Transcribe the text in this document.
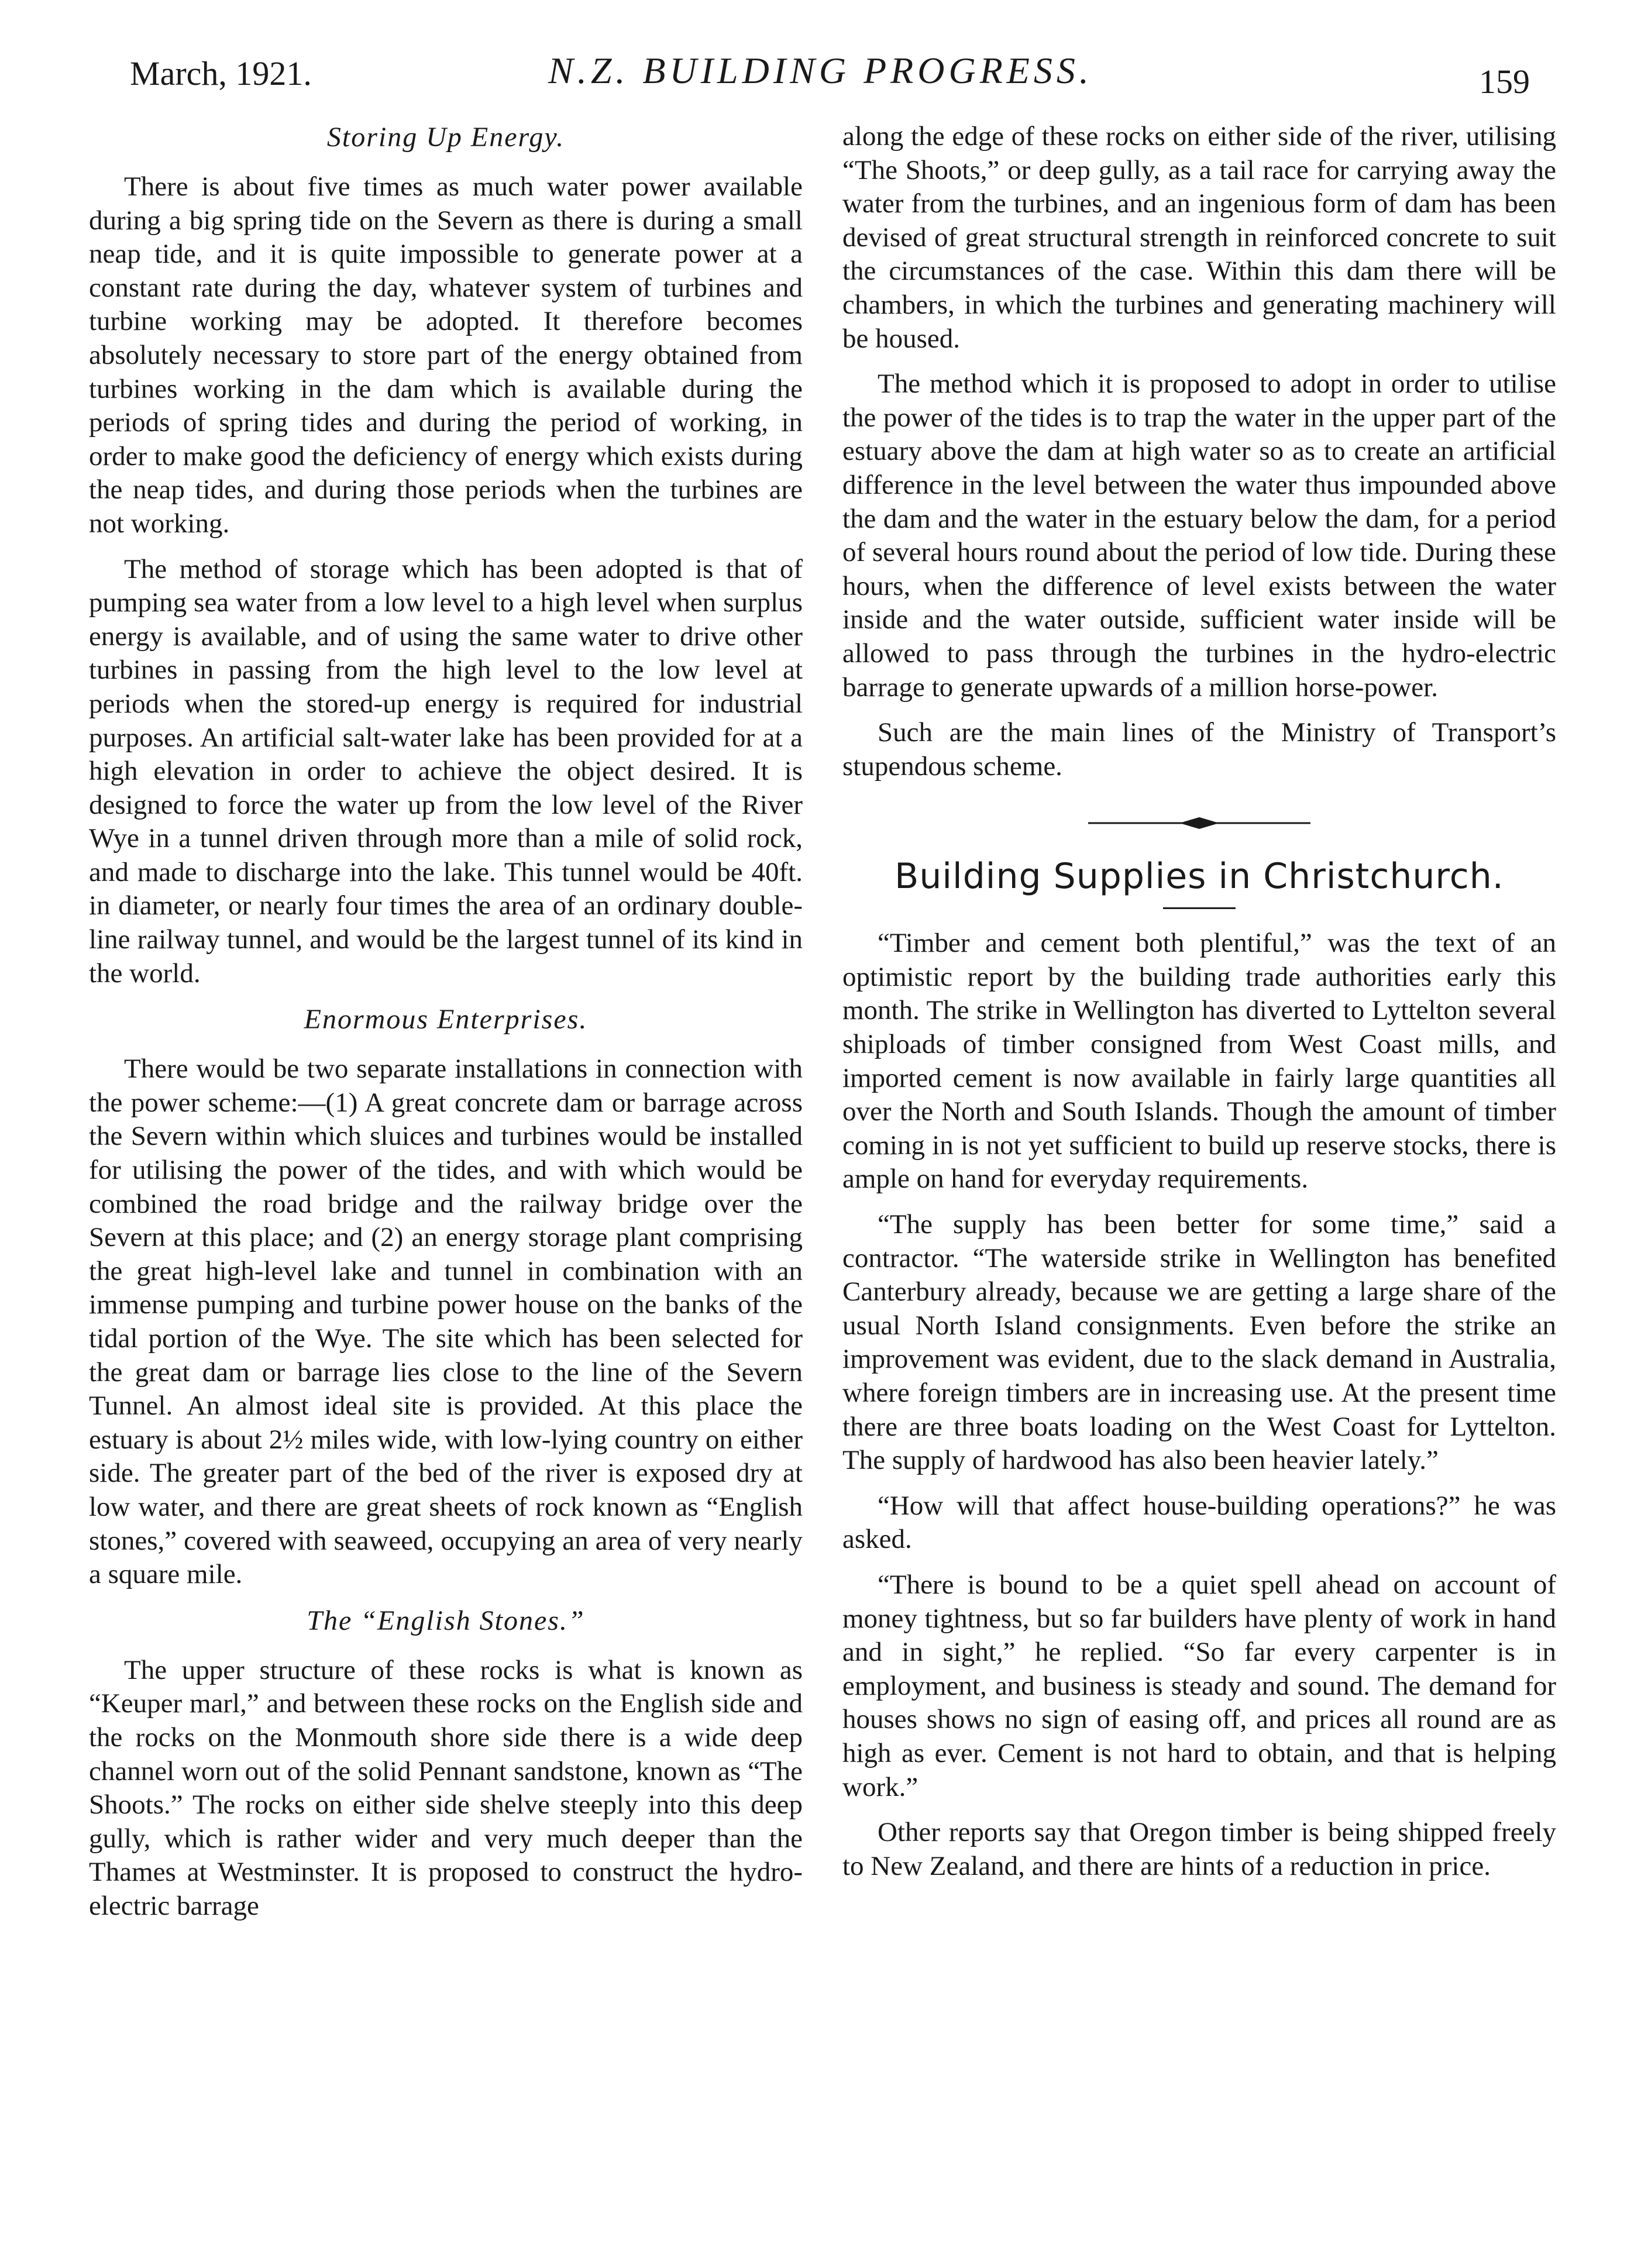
March, 1921.	N.Z. BUILDING PROGRESS.	159
Storing Up Energy.

There is about five times as much water power available during a big spring tide on the Severn as there is during a small neap tide, and it is quite impossible to generate power at a constant rate during the day, whatever system of turbines and turbine working may be adopted. It therefore becomes absolutely necessary to store part of the energy obtained from turbines working in the dam which is available during the periods of spring tides and during the period of working, in order to make good the deficiency of energy which exists during the neap tides, and during those periods when the turbines are not working.

The method of storage which has been adopted is that of pumping sea water from a low level to a high level when surplus energy is available, and of using the same water to drive other turbines in passing from the high level to the low level at periods when the stored-up energy is required for industrial purposes. An artificial salt-water lake has been provided for at a high elevation in order to achieve the object desired. It is designed to force the water up from the low level of the River Wye in a tunnel driven through more than a mile of solid rock, and made to discharge into the lake. This tunnel would be 40ft. in diameter, or nearly four times the area of an ordinary double-line railway tunnel, and would be the largest tunnel of its kind in the world.

Enormous Enterprises.

There would be two separate installations in connection with the power scheme:—(1) A great concrete dam or barrage across the Severn within which sluices and turbines would be installed for utilising the power of the tides, and with which would be combined the road bridge and the railway bridge over the Severn at this place; and (2) an energy storage plant comprising the great high-level lake and tunnel in combination with an immense pumping and turbine power house on the banks of the tidal portion of the Wye. The site which has been selected for the great dam or barrage lies close to the line of the Severn Tunnel. An almost ideal site is provided. At this place the estuary is about 2½ miles wide, with low-lying country on either side. The greater part of the bed of the river is exposed dry at low water, and there are great sheets of rock known as “English stones,” covered with seaweed, occupying an area of very nearly a square mile.

The “English Stones.”

The upper structure of these rocks is what is known as “Keuper marl,” and between these rocks on the English side and the rocks on the Monmouth shore side there is a wide deep channel worn out of the solid Pennant sandstone, known as “The Shoots.” The rocks on either side shelve steeply into this deep gully, which is rather wider and very much deeper than the Thames at Westminster. It is proposed to construct the hydro-electric barrage

along the edge of these rocks on either side of the river, utilising “The Shoots,” or deep gully, as a tail race for carrying away the water from the turbines, and an ingenious form of dam has been devised of great structural strength in reinforced concrete to suit the circumstances of the case. Within this dam there will be chambers, in which the turbines and generating machinery will be housed.

The method which it is proposed to adopt in order to utilise the power of the tides is to trap the water in the upper part of the estuary above the dam at high water so as to create an artificial difference in the level between the water thus impounded above the dam and the water in the estuary below the dam, for a period of several hours round about the period of low tide. During these hours, when the difference of level exists between the water inside and the water outside, sufficient water inside will be allowed to pass through the turbines in the hydro-electric barrage to generate upwards of a million horse-power.

Such are the main lines of the Ministry of Transport’s stupendous scheme.

Building Supplies in Christchurch.

“Timber and cement both plentiful,” was the text of an optimistic report by the building trade authorities early this month. The strike in Wellington has diverted to Lyttelton several shiploads of timber consigned from West Coast mills, and imported cement is now available in fairly large quantities all over the North and South Islands. Though the amount of timber coming in is not yet sufficient to build up reserve stocks, there is ample on hand for everyday requirements.

“The supply has been better for some time,” said a contractor. “The waterside strike in Wellington has benefited Canterbury already, because we are getting a large share of the usual North Island consignments. Even before the strike an improvement was evident, due to the slack demand in Australia, where foreign timbers are in increasing use. At the present time there are three boats loading on the West Coast for Lyttelton. The supply of hardwood has also been heavier lately.”

“How will that affect house-building operations?” he was asked.

“There is bound to be a quiet spell ahead on account of money tightness, but so far builders have plenty of work in hand and in sight,” he replied. “So far every carpenter is in employment, and business is steady and sound. The demand for houses shows no sign of easing off, and prices all round are as high as ever. Cement is not hard to obtain, and that is helping work.”

Other reports say that Oregon timber is being shipped freely to New Zealand, and there are hints of a reduction in price.
